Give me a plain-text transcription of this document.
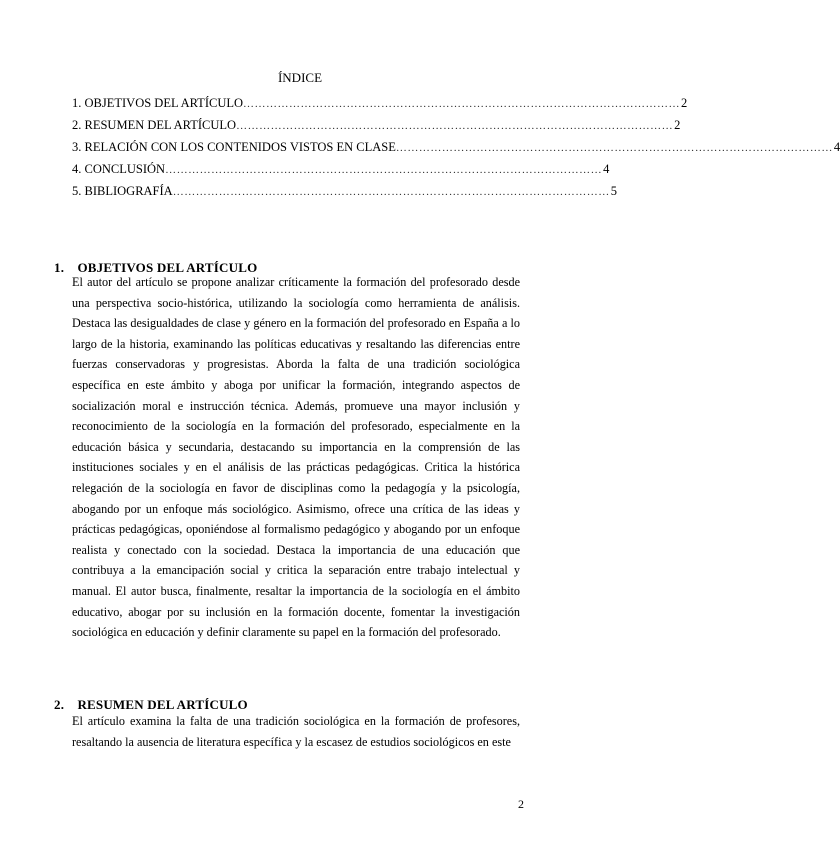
ÍNDICE
1. OBJETIVOS DEL ARTÍCULO …………………………………………………………………………………………………… 2
2. RESUMEN DEL ARTÍCULO …………………………………………………………………………………………………… 2
3. RELACIÓN CON LOS CONTENIDOS VISTOS EN CLASE …………………………………………………………………………………………………… 4
4. CONCLUSIÓN …………………………………………………………………………………………………… 4
5. BIBLIOGRAFÍA …………………………………………………………………………………………………… 5
1. OBJETIVOS DEL ARTÍCULO

El autor del artículo se propone analizar críticamente la formación del profesorado desde una perspectiva socio-histórica, utilizando la sociología como herramienta de análisis. Destaca las desigualdades de clase y género en la formación del profesorado en España a lo largo de la historia, examinando las políticas educativas y resaltando las diferencias entre fuerzas conservadoras y progresistas. Aborda la falta de una tradición sociológica específica en este ámbito y aboga por unificar la formación, integrando aspectos de socialización moral e instrucción técnica. Además, promueve una mayor inclusión y reconocimiento de la sociología en la formación del profesorado, especialmente en la educación básica y secundaria, destacando su importancia en la comprensión de las instituciones sociales y en el análisis de las prácticas pedagógicas. Critica la histórica relegación de la sociología en favor de disciplinas como la pedagogía y la psicología, abogando por un enfoque más sociológico. Asimismo, ofrece una crítica de las ideas y prácticas pedagógicas, oponiéndose al formalismo pedagógico y abogando por un enfoque realista y conectado con la sociedad. Destaca la importancia de una educación que contribuya a la emancipación social y critica la separación entre trabajo intelectual y manual. El autor busca, finalmente, resaltar la importancia de la sociología en el ámbito educativo, abogar por su inclusión en la formación docente, fomentar la investigación sociológica en educación y definir claramente su papel en la formación del profesorado.

2. RESUMEN DEL ARTÍCULO

El artículo examina la falta de una tradición sociológica en la formación de profesores, resaltando la ausencia de literatura específica y la escasez de estudios sociológicos en este

2
